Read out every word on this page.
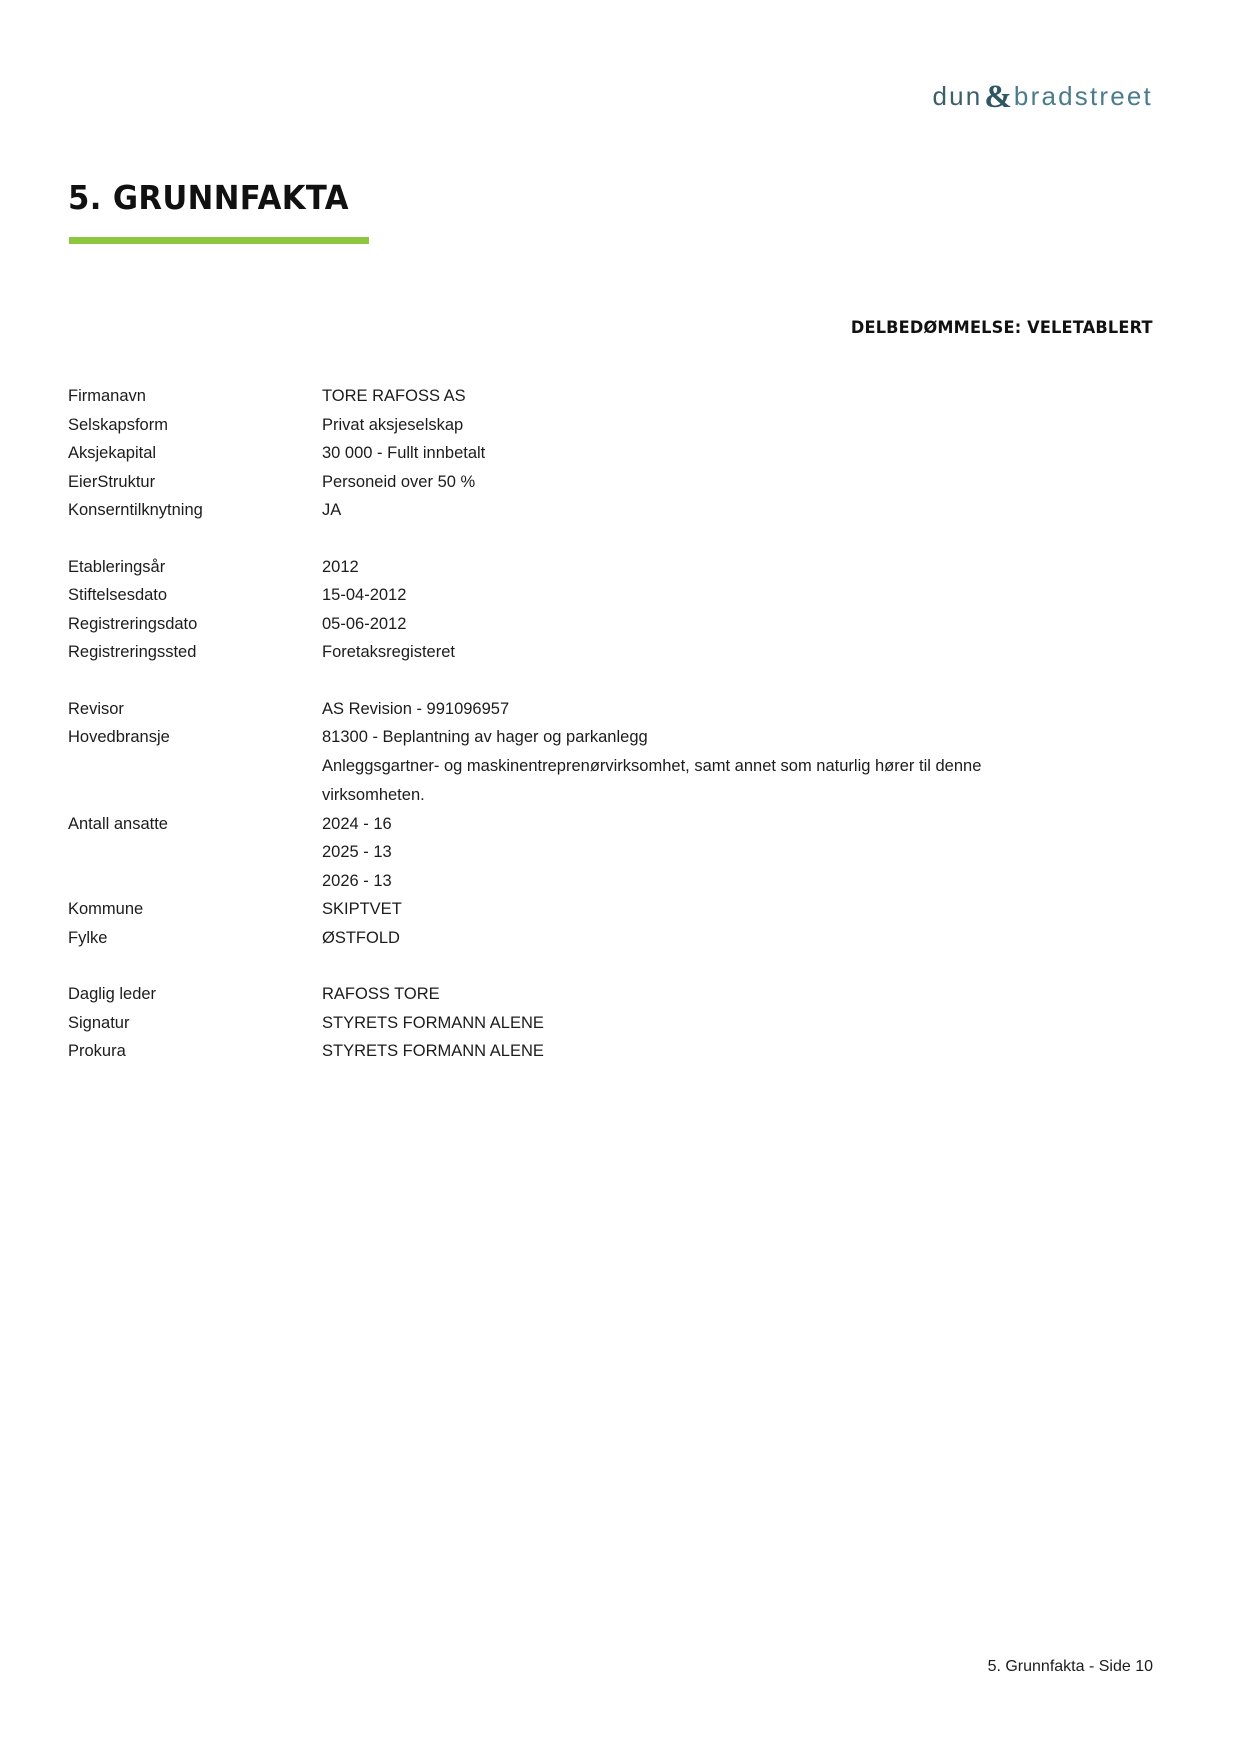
dun & bradstreet
5. GRUNNFAKTA
DELBEDØMMELSE: VELETABLERT
Firmanavn	TORE RAFOSS AS
Selskapsform	Privat aksjeselskap
Aksjekapital	30 000 - Fullt innbetalt
EierStruktur	Personeid over 50 %
Konserntilknytning	JA
Etableringsår	2012
Stiftelsesdato	15-04-2012
Registreringsdato	05-06-2012
Registreringssted	Foretaksregisteret
Revisor	AS Revision - 991096957
Hovedbransje	81300 - Beplantning av hager og parkanlegg
Anleggsgartner- og maskinentreprenørvirksomhet, samt annet som naturlig hører til denne virksomheten.
Antall ansatte	2024 - 16
2025 - 13
2026 - 13
Kommune	SKIPTVET
Fylke	ØSTFOLD
Daglig leder	RAFOSS TORE
Signatur	STYRETS FORMANN ALENE
Prokura	STYRETS FORMANN ALENE
5. Grunnfakta - Side 10
